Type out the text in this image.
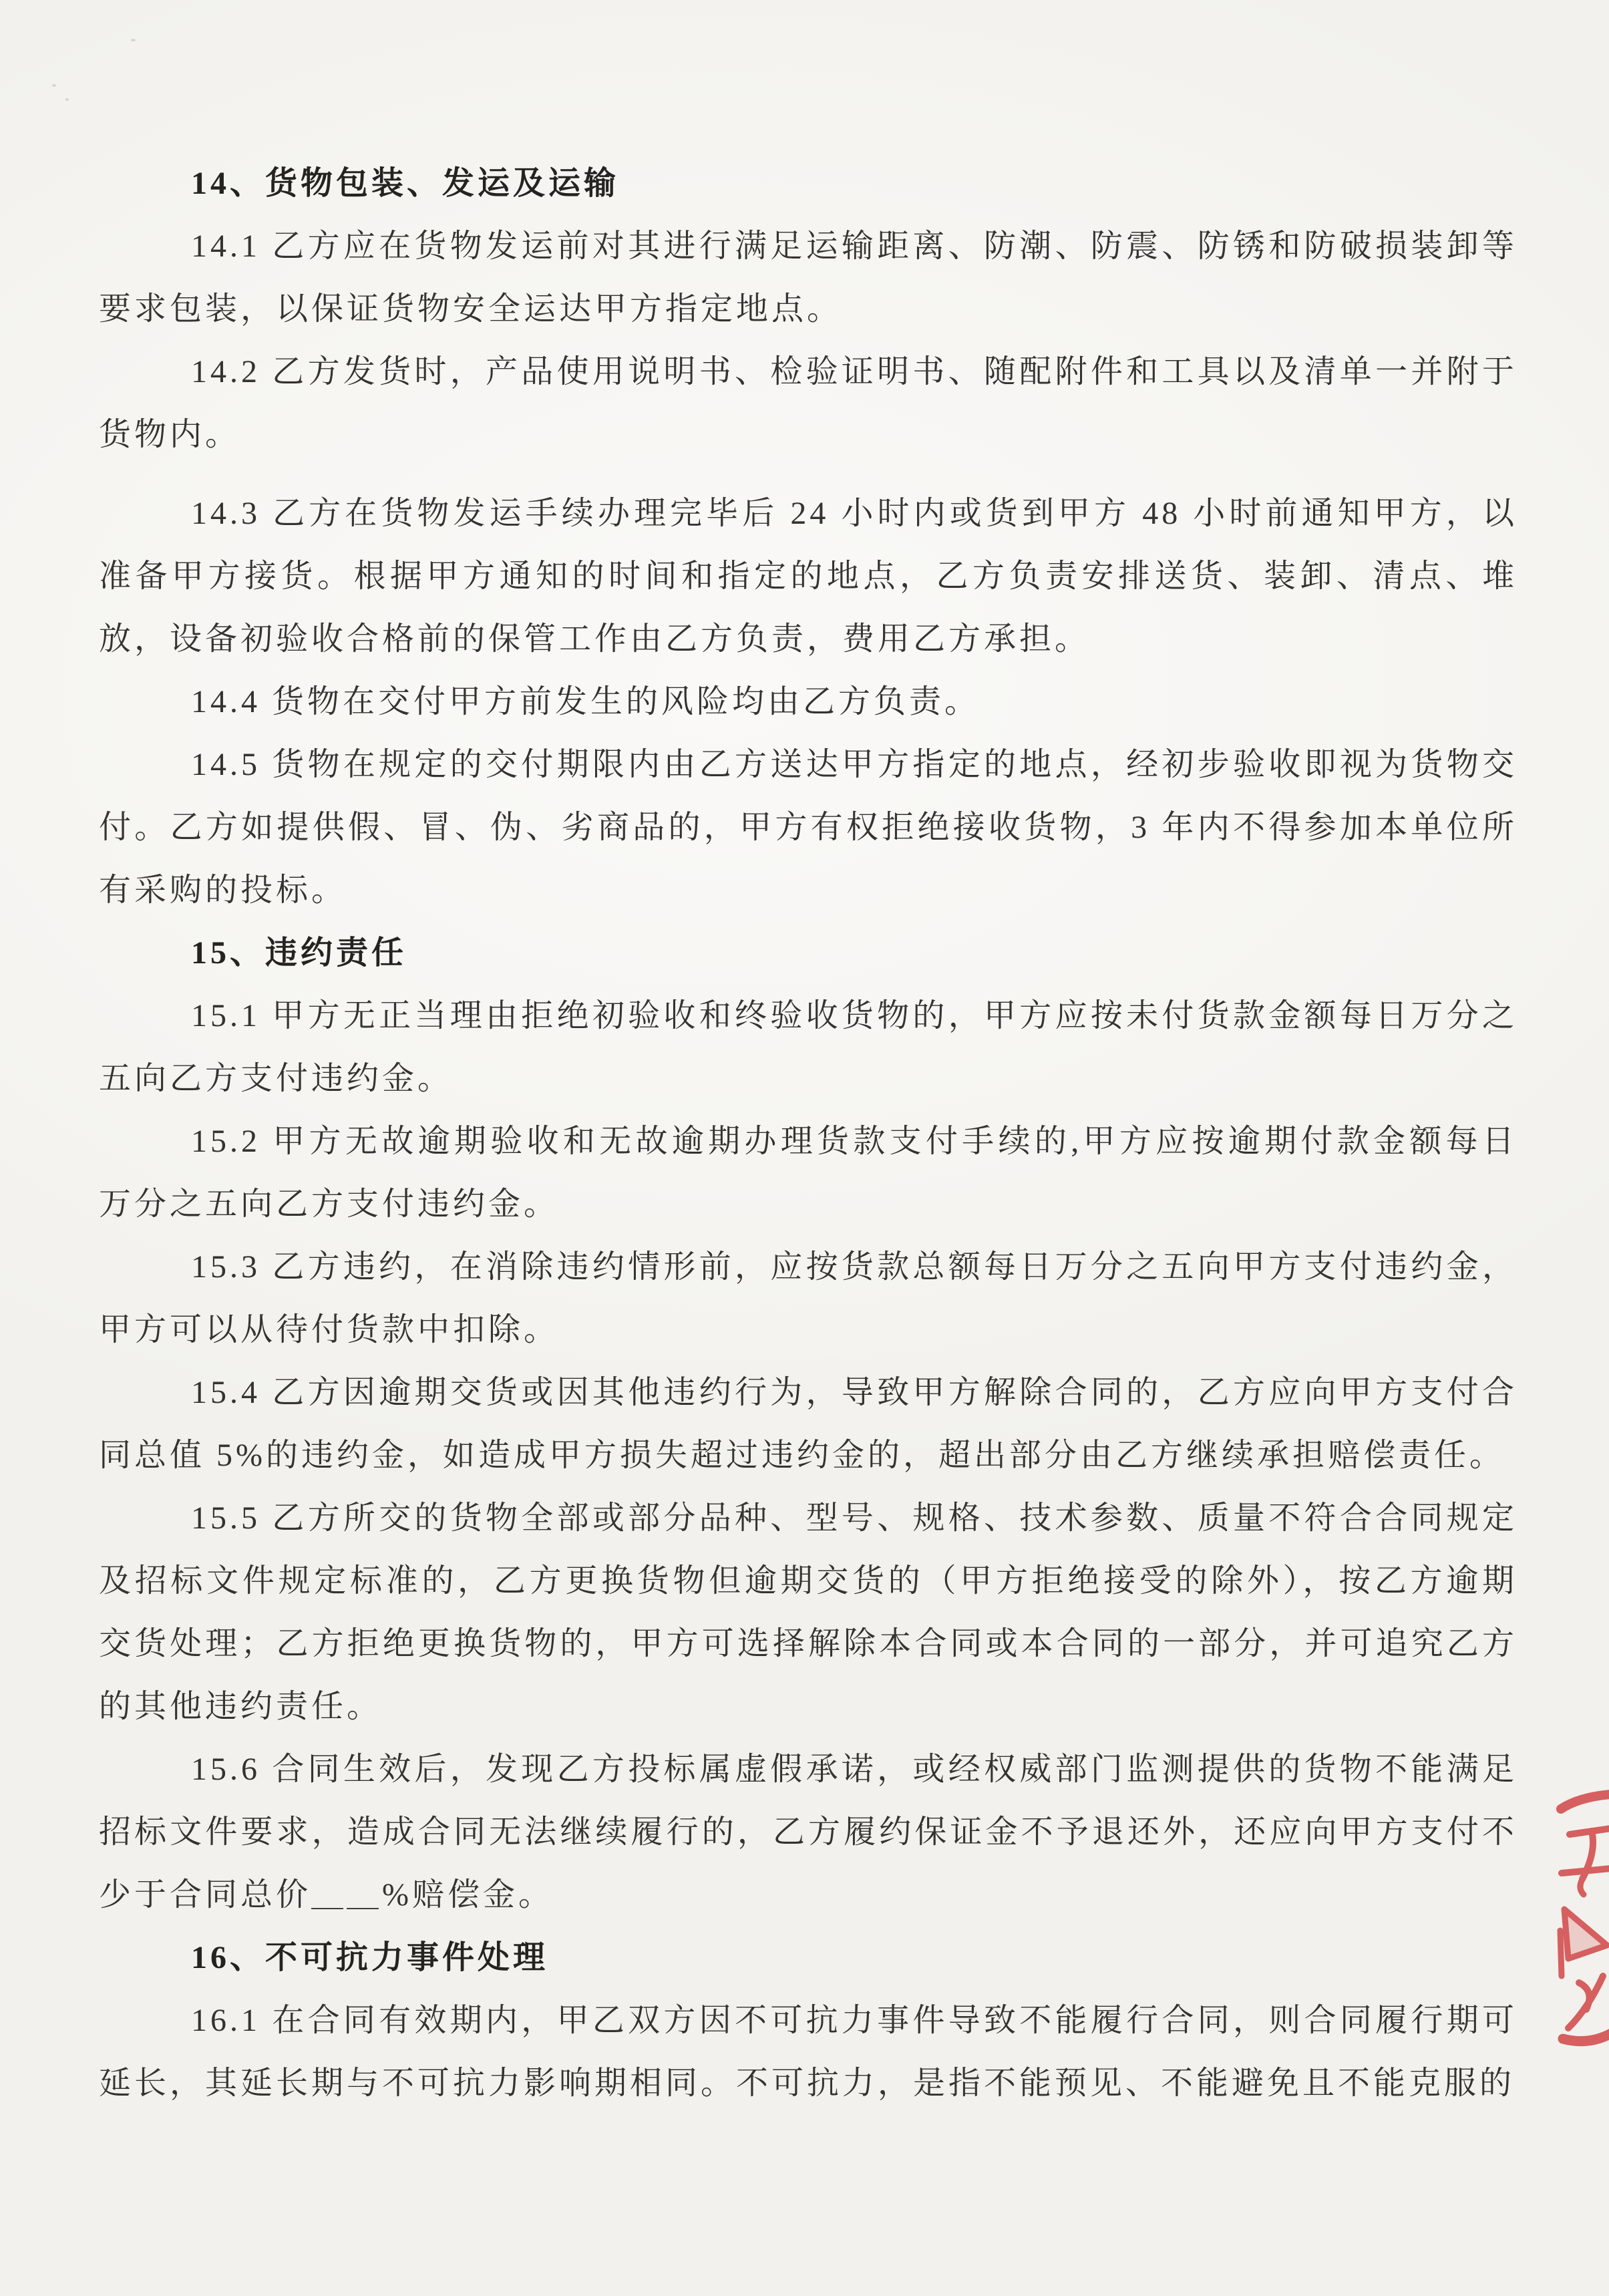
14、货物包装、发运及运输

14.1 乙方应在货物发运前对其进行满足运输距离、防潮、防震、防锈和防破损装卸等要求包装，以保证货物安全运达甲方指定地点。

14.2 乙方发货时，产品使用说明书、检验证明书、随配附件和工具以及清单一并附于货物内。

14.3 乙方在货物发运手续办理完毕后 24 小时内或货到甲方 48 小时前通知甲方，以准备甲方接货。根据甲方通知的时间和指定的地点，乙方负责安排送货、装卸、清点、堆放，设备初验收合格前的保管工作由乙方负责，费用乙方承担。

14.4 货物在交付甲方前发生的风险均由乙方负责。

14.5 货物在规定的交付期限内由乙方送达甲方指定的地点，经初步验收即视为货物交付。乙方如提供假、冒、伪、劣商品的，甲方有权拒绝接收货物，3 年内不得参加本单位所有采购的投标。

15、违约责任

15.1 甲方无正当理由拒绝初验收和终验收货物的，甲方应按未付货款金额每日万分之五向乙方支付违约金。

15.2 甲方无故逾期验收和无故逾期办理货款支付手续的,甲方应按逾期付款金额每日万分之五向乙方支付违约金。

15.3 乙方违约，在消除违约情形前，应按货款总额每日万分之五向甲方支付违约金，甲方可以从待付货款中扣除。

15.4 乙方因逾期交货或因其他违约行为，导致甲方解除合同的，乙方应向甲方支付合同总值 5%的违约金，如造成甲方损失超过违约金的，超出部分由乙方继续承担赔偿责任。

15.5 乙方所交的货物全部或部分品种、型号、规格、技术参数、质量不符合合同规定及招标文件规定标准的，乙方更换货物但逾期交货的（甲方拒绝接受的除外），按乙方逾期交货处理；乙方拒绝更换货物的，甲方可选择解除本合同或本合同的一部分，并可追究乙方的其他违约责任。

15.6 合同生效后，发现乙方投标属虚假承诺，或经权威部门监测提供的货物不能满足招标文件要求，造成合同无法继续履行的，乙方履约保证金不予退还外，还应向甲方支付不少于合同总价＿＿%赔偿金。

16、不可抗力事件处理

16.1 在合同有效期内，甲乙双方因不可抗力事件导致不能履行合同，则合同履行期可延长，其延长期与不可抗力影响期相同。不可抗力，是指不能预见、不能避免且不能克服的
